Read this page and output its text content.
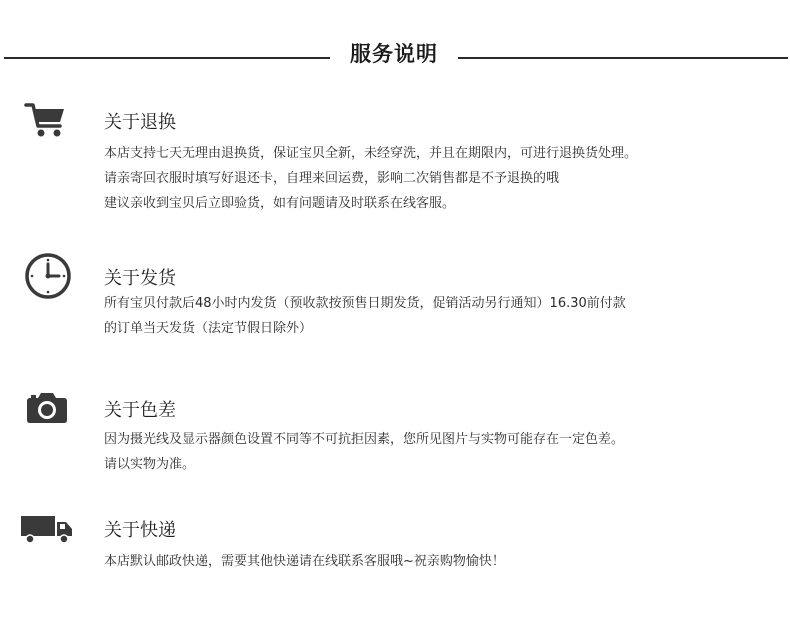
服务说明
关于退换
本店支持七天无理由退换货，保证宝贝全新，未经穿洗，并且在期限内，可进行退换货处理。
请亲寄回衣服时填写好退还卡，自理来回运费，影响二次销售都是不予退换的哦
建议亲收到宝贝后立即验货，如有问题请及时联系在线客服。
关于发货
所有宝贝付款后48小时内发货（预收款按预售日期发货，促销活动另行通知）16.30前付款
的订单当天发货（法定节假日除外）
关于色差
因为摄光线及显示器颜色设置不同等不可抗拒因素，您所见图片与实物可能存在一定色差。
请以实物为准。
关于快递
本店默认邮政快递，需要其他快递请在线联系客服哦~祝亲购物愉快！
